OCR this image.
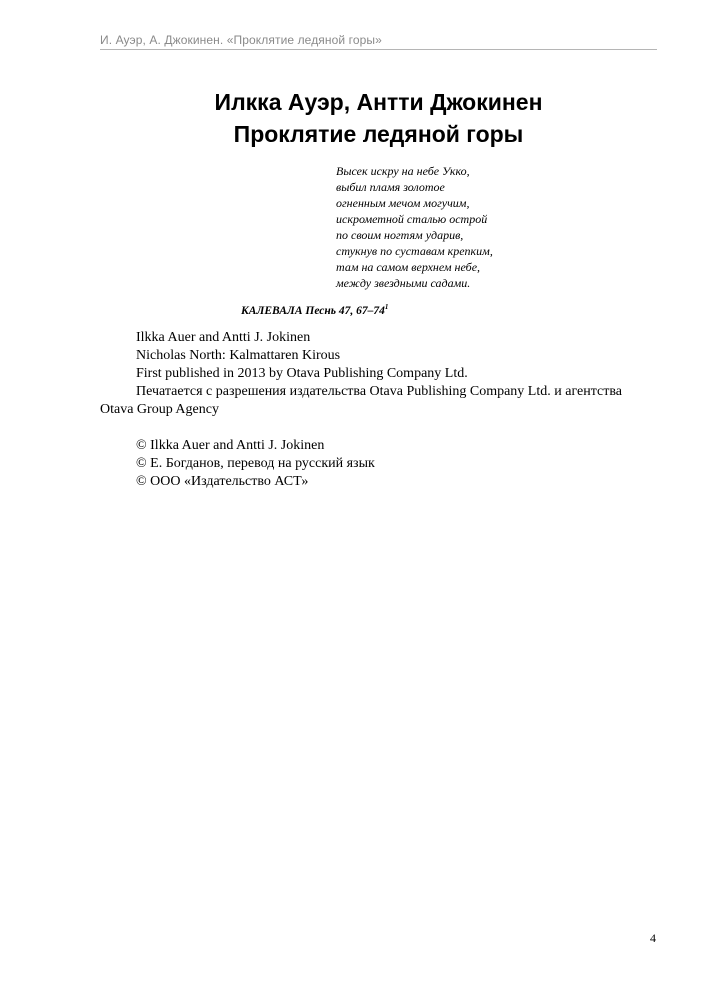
И. Ауэр, А. Джокинен. «Проклятие ледяной горы»
Илкка Ауэр, Антти Джокинен
Проклятие ледяной горы
Высек искру на небе Укко,
выбил пламя золотое
огненным мечом могучим,
искрометной сталью острой
по своим ногтям ударив,
стукнув по суставам крепким,
там на самом верхнем небе,
между звездными садами.
КАЛЕВАЛА Песнь 47, $67-74^1$

Ilkka Auer and Antti J. Jokinen

Nicholas North: Kalmattaren Kirous

First published in 2013 by Otava Publishing Company Ltd.

Печатается с разрешения издательства Otava Publishing Company Ltd. и агентства Otava Group Agency

© Ilkka Auer and Antti J. Jokinen

© Е. Богданов, перевод на русский язык

© ООО «Издательство АСТ»

4
